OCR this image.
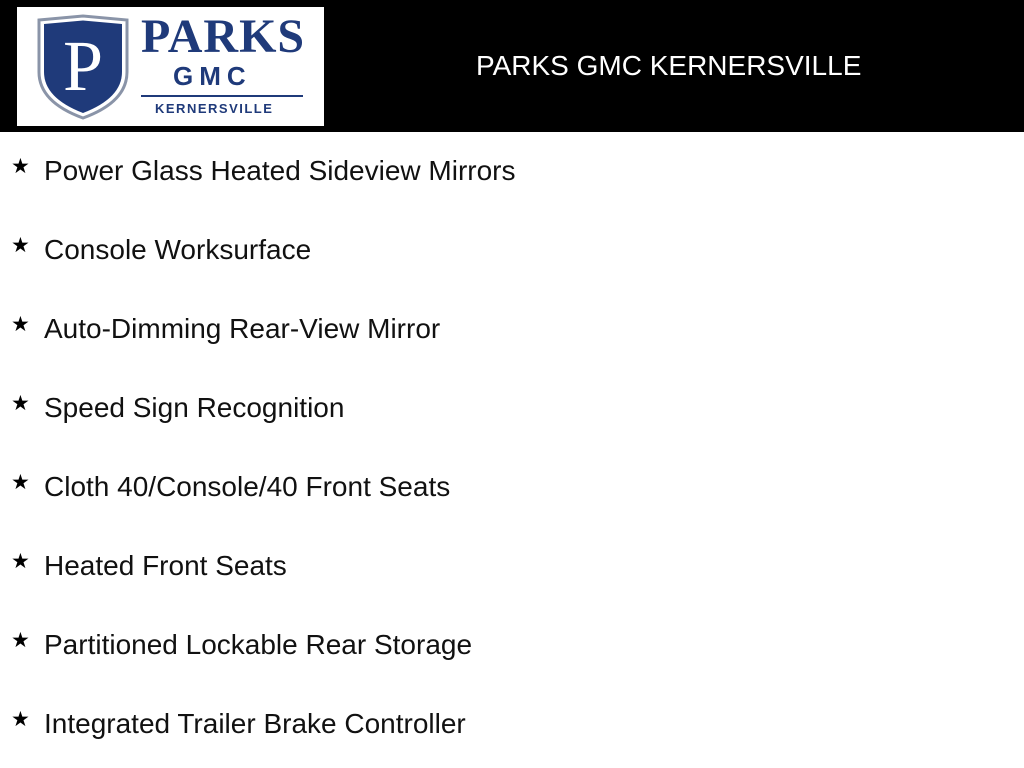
P PARKS
GMC
KERNERSVILLE
PARKS GMC KERNERSVILLE
★ Power Glass Heated Sideview Mirrors
★ Console Worksurface
★ Auto-Dimming Rear-View Mirror
★ Speed Sign Recognition
★ Cloth 40/Console/40 Front Seats
★ Heated Front Seats
★ Partitioned Lockable Rear Storage
★ Integrated Trailer Brake Controller
